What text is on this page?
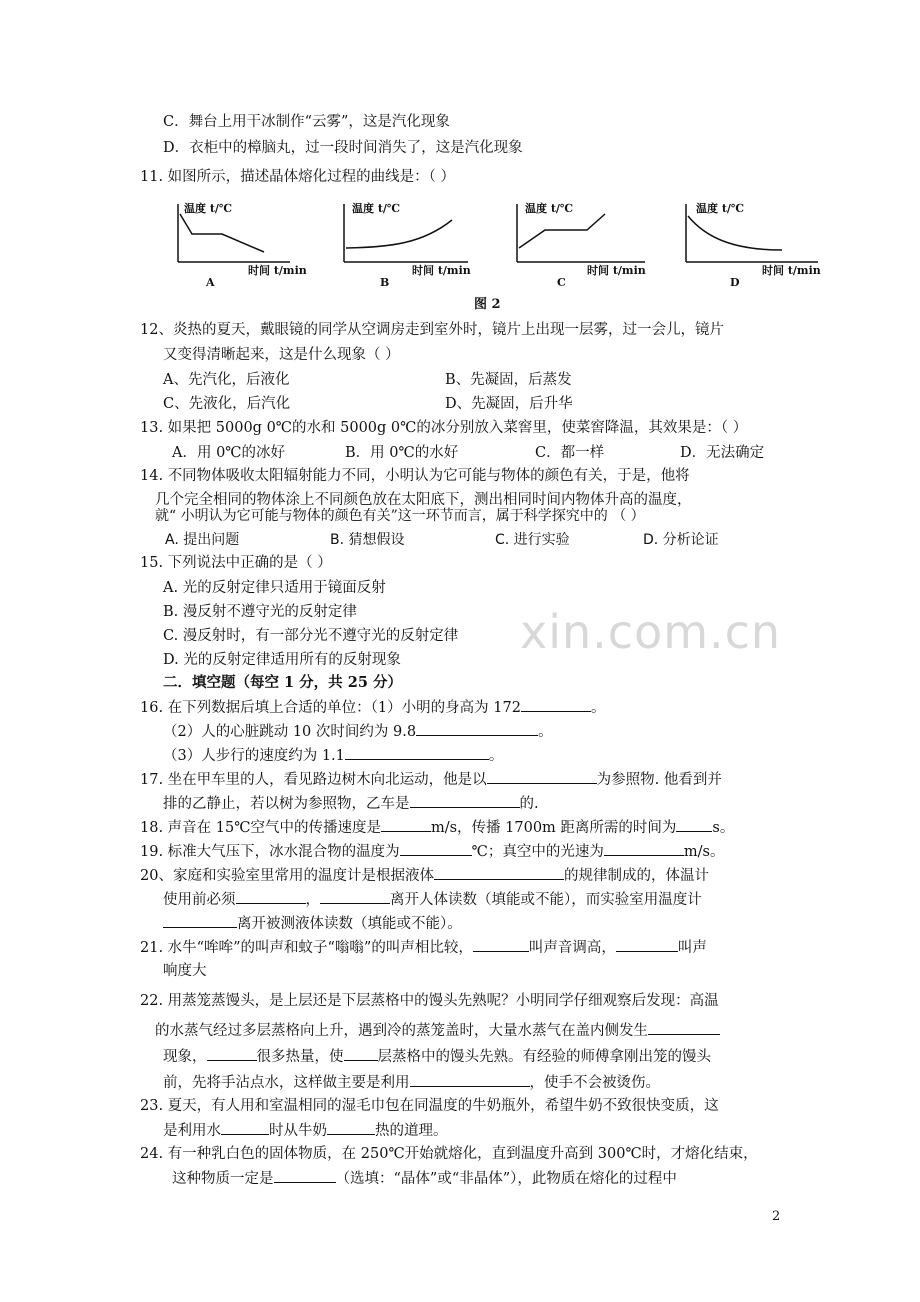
C．舞台上用干冰制作“云雾”，这是汽化现象
D．衣柜中的樟脑丸，过一段时间消失了，这是汽化现象
11. 如图所示，描述晶体熔化过程的曲线是：（ ）
温度 t/℃
时间 t/min
A
温度 t/℃
时间 t/min
B
温度 t/℃
时间 t/min
C
温度 t/℃
时间 t/min
D
图 2
12、炎热的夏天，戴眼镜的同学从空调房走到室外时，镜片上出现一层雾，过一会儿，镜片
又变得清晰起来，这是什么现象（ ）
A、先汽化，后液化	B、先凝固，后蒸发
C、先液化，后汽化	D、先凝固，后升华
13. 如果把 5000g 0℃的水和 5000g 0℃的冰分别放入菜窖里，使菜窖降温，其效果是：（ ）
A．用 0℃的冰好	B．用 0℃的水好	C．都一样	D．无法确定
14. 不同物体吸收太阳辐射能力不同，小明认为它可能与物体的颜色有关，于是，他将
几个完全相同的物体涂上不同颜色放在太阳底下，测出相同时间内物体升高的温度，
就“ 小明认为它可能与物体的颜色有关”这一环节而言，属于科学探究中的 （ ）
A. 提出问题	B. 猜想假设	C. 进行实验	D. 分析论证
15. 下列说法中正确的是（ ）
A. 光的反射定律只适用于镜面反射
B. 漫反射不遵守光的反射定律
C. 漫反射时，有一部分光不遵守光的反射定律
D. 光的反射定律适用所有的反射现象
二．填空题（每空 1 分，共 25 分）
16. 在下列数据后填上合适的单位：（1）小明的身高为 172	。
（2）人的心脏跳动 10 次时间约为 9.8	。
（3）人步行的速度约为 1.1	。
17. 坐在甲车里的人，看见路边树木向北运动，他是以	为参照物. 他看到并
排的乙静止，若以树为参照物，乙车是	的.
18. 声音在 15℃空气中的传播速度是	m/s，传播 1700m 距离所需的时间为 s。
19. 标准大气压下，冰水混合物的温度为	℃；真空中的光速为	m/s。
20、家庭和实验室里常用的温度计是根据液体	的规律制成的，体温计
使用前必须	，	离开人体读数（填能或不能），而实验室用温度计
离开被测液体读数（填能或不能）。
21. 水牛“哞哞”的叫声和蚊子“嗡嗡”的叫声相比较，	叫声音调高，	叫声
响度大
22. 用蒸笼蒸馒头，是上层还是下层蒸格中的馒头先熟呢？小明同学仔细观察后发现：高温
的水蒸气经过多层蒸格向上升，遇到冷的蒸笼盖时，大量水蒸气在盖内侧发生
现象，	很多热量，使 层蒸格中的馒头先熟。有经验的师傅拿刚出笼的馒头
前，先将手沾点水，这样做主要是利用	，使手不会被烫伤。
23. 夏天，有人用和室温相同的湿毛巾包在同温度的牛奶瓶外，希望牛奶不致很快变质，这
是利用水	时从牛奶	热的道理。
24. 有一种乳白色的固体物质，在 250℃开始就熔化，直到温度升高到 300℃时，才熔化结束，
这种物质一定是	（选填：“晶体”或“非晶体”），此物质在熔化的过程中
xin.com.cn
2
